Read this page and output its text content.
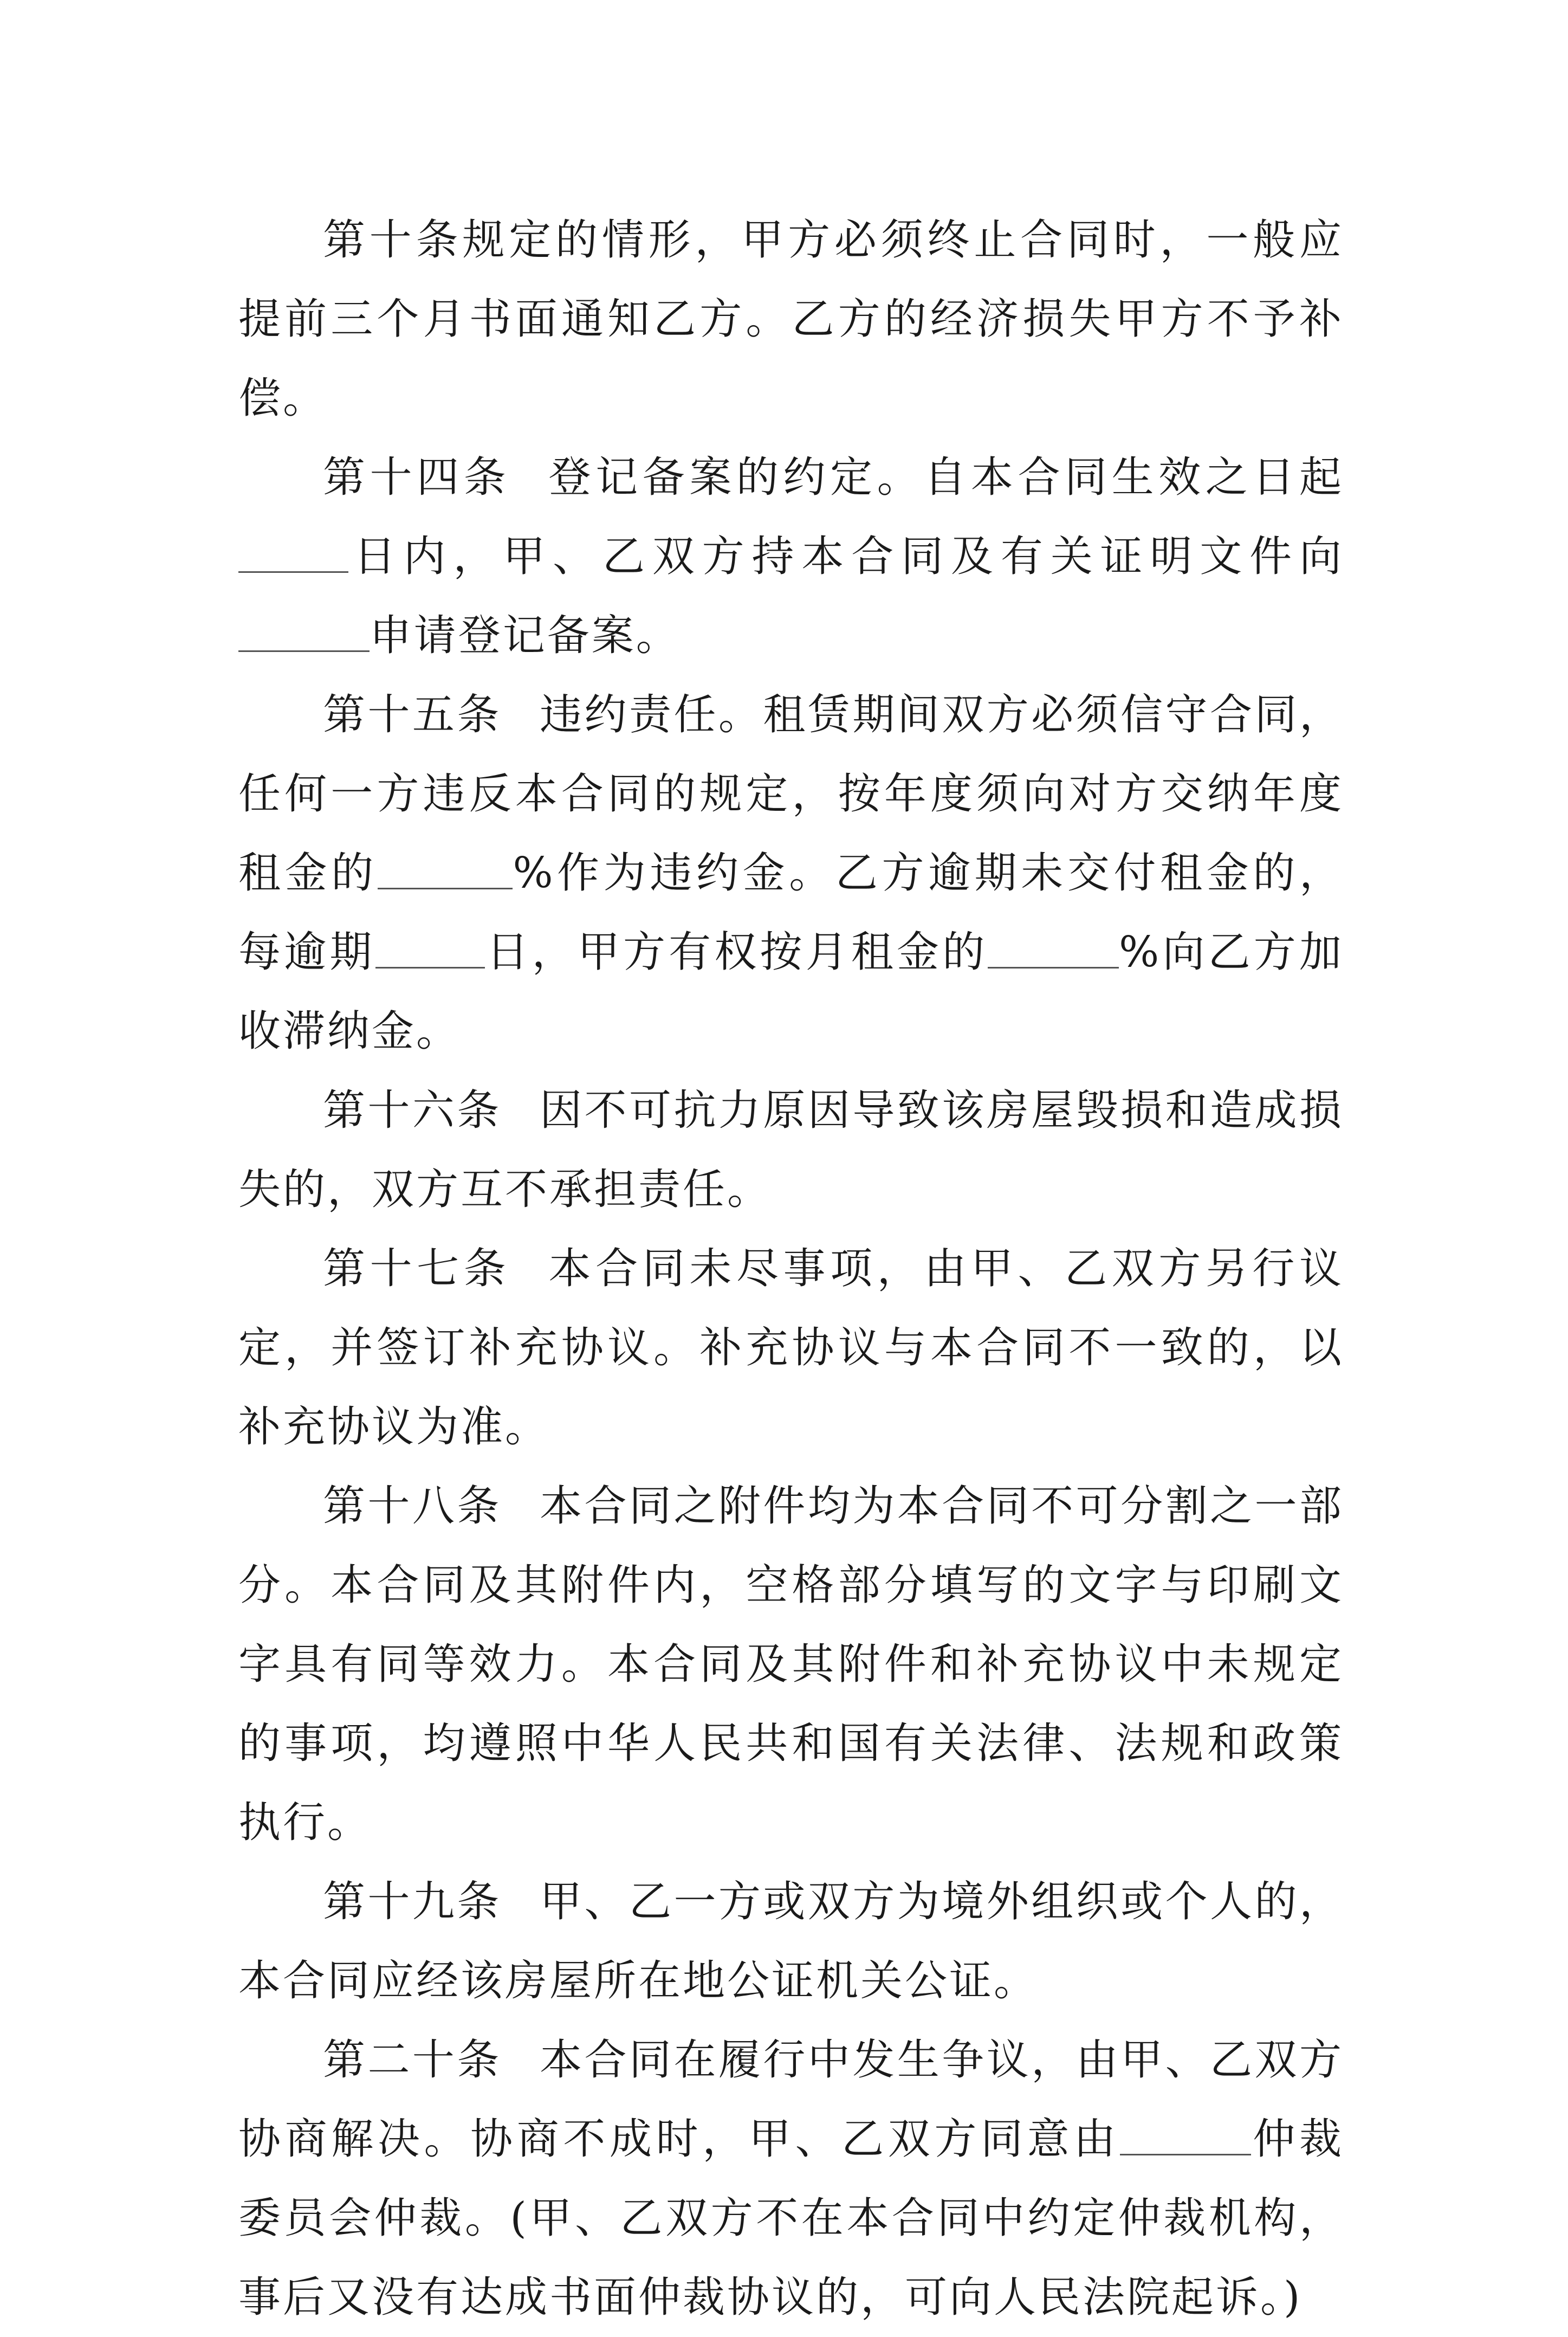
第十条规定的情形，甲方必须终止合同时，一般应提前三个月书面通知乙方。乙方的经济损失甲方不予补偿。

第十四条 登记备案的约定。自本合同生效之日起日内，甲、乙双方持本合同及有关证明文件向申请登记备案。

第十五条 违约责任。租赁期间双方必须信守合同，任何一方违反本合同的规定，按年度须向对方交纳年度租金的	%作为违约金。乙方逾期未交付租金的，每逾期	日，甲方有权按月租金的	%向乙方加收滞纳金。

第十六条 因不可抗力原因导致该房屋毁损和造成损失的，双方互不承担责任。

第十七条 本合同未尽事项，由甲、乙双方另行议定，并签订补充协议。补充协议与本合同不一致的，以补充协议为准。

第十八条 本合同之附件均为本合同不可分割之一部分。本合同及其附件内，空格部分填写的文字与印刷文字具有同等效力。本合同及其附件和补充协议中未规定的事项，均遵照中华人民共和国有关法律、法规和政策执行。

第十九条 甲、乙一方或双方为境外组织或个人的，本合同应经该房屋所在地公证机关公证。

第二十条 本合同在履行中发生争议，由甲、乙双方协商解决。协商不成时，甲、乙双方同意由	仲裁委员会仲裁。(甲、乙双方不在本合同中约定仲裁机构，事后又没有达成书面仲裁协议的，可向人民法院起诉。)
